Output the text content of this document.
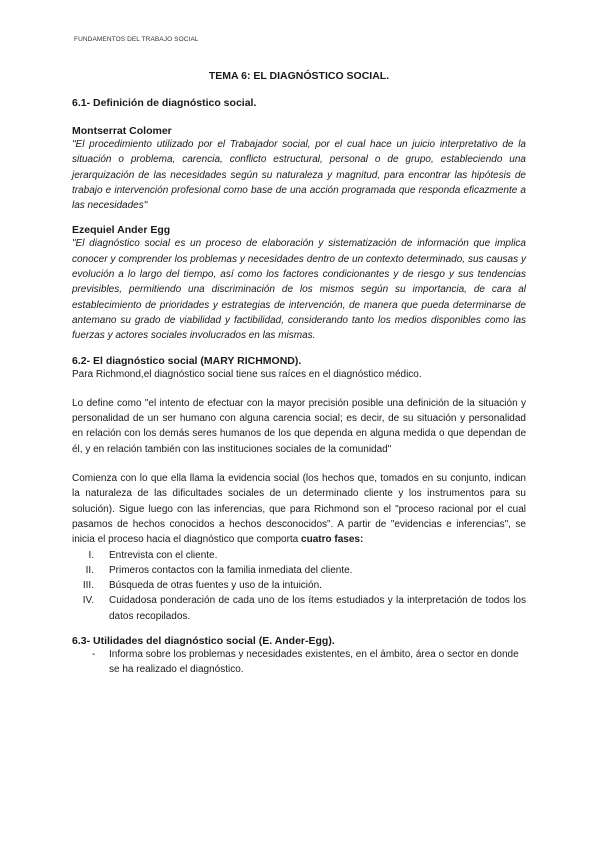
FUNDAMENTOS DEL TRABAJO SOCIAL
TEMA 6: EL DIAGNÓSTICO SOCIAL.
6.1- Definición de diagnóstico social.
Montserrat Colomer

"El procedimiento utilizado por el Trabajador social, por el cual hace un juicio interpretativo de la situación o problema, carencia, conflicto estructural, personal o de grupo, estableciendo una jerarquización de las necesidades según su naturaleza y magnitud, para encontrar las hipótesis de trabajo e intervención profesional como base de una acción programada que responda eficazmente a las necesidades"

Ezequiel Ander Egg

"El diagnóstico social es un proceso de elaboración y sistematización de información que implica conocer y comprender los problemas y necesidades dentro de un contexto determinado, sus causas y evolución a lo largo del tiempo, así como los factores condicionantes y de riesgo y sus tendencias previsibles, permitiendo una discriminación de los mismos según su importancia, de cara al establecimiento de prioridades y estrategias de intervención, de manera que pueda determinarse de antemano su grado de viabilidad y factibilidad, considerando tanto los medios disponibles como las fuerzas y actores sociales involucrados en las mismas.

6.2- El diagnóstico social (MARY RICHMOND).

Para Richmond,el diagnóstico social tiene sus raíces en el diagnóstico médico.

Lo define como "el intento de efectuar con la mayor precisión posible una definición de la situación y personalidad de un ser humano con alguna carencia social; es decir, de su situación y personalidad en relación con los demás seres humanos de los que dependa en alguna medida o que dependan de él, y en relación también con las instituciones sociales de la comunidad"

Comienza con lo que ella llama la evidencia social (los hechos que, tomados en su conjunto, indican la naturaleza de las dificultades sociales de un determinado cliente y los instrumentos para su solución). Sigue luego con las inferencias, que para Richmond son el "proceso racional por el cual pasamos de hechos conocidos a hechos desconocidos". A partir de "evidencias e inferencias", se inicia el proceso hacia el diagnóstico que comporta cuatro fases:

I. Entrevista con el cliente.
II. Primeros contactos con la familia inmediata del cliente.
III. Búsqueda de otras fuentes y uso de la intuición.
IV. Cuidadosa ponderación de cada uno de los ítems estudiados y la interpretación de todos los datos recopilados.
6.3- Utilidades del diagnóstico social (E. Ander-Egg).
- Informa sobre los problemas y necesidades existentes, en el ámbito, área o sector en donde se ha realizado el diagnóstico.
